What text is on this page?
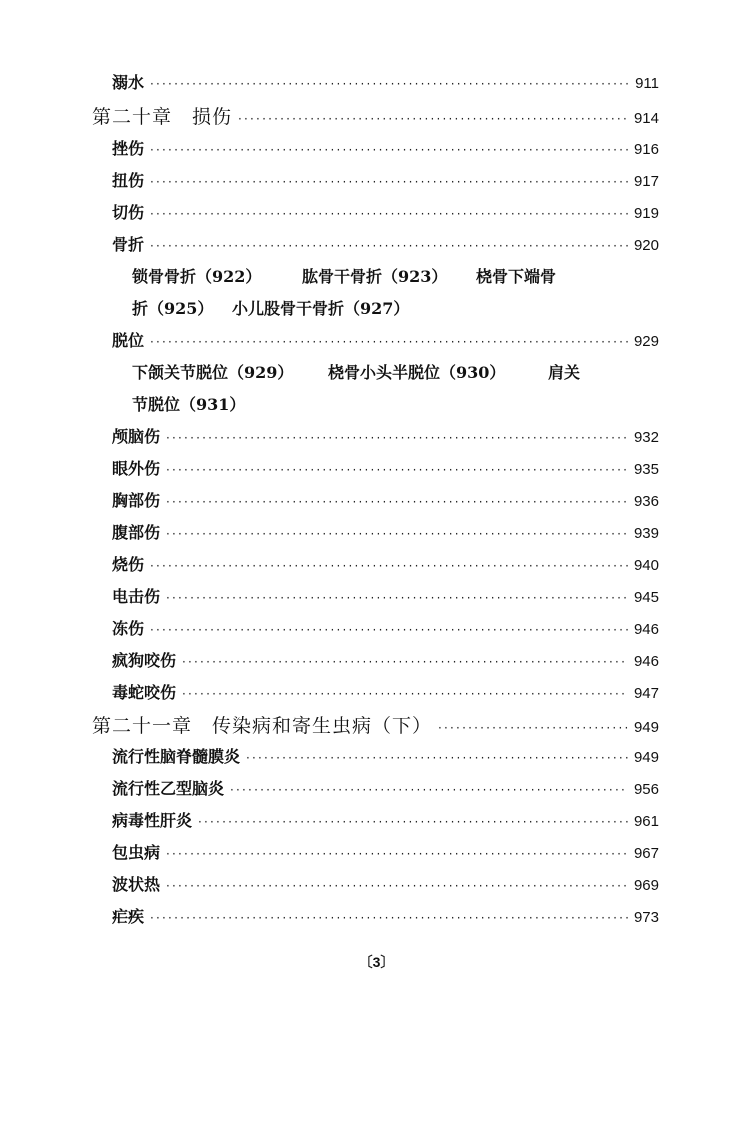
溺水 ·····	911
第二十章　损伤 ·····	914
挫伤 ·····	916
扭伤 ·····	917
切伤 ·····	919
骨折 ·····	920
锁骨骨折（922）	肱骨干骨折（923） 桡骨下端骨
折（925） 小儿股骨干骨折（927）
脱位 ·····	929
下颌关节脱位（929） 桡骨小头半脱位（930）	肩关
节脱位（931）
颅脑伤 ·····	932
眼外伤 ·····	935
胸部伤 ·····	936
腹部伤 ·····	939
烧伤 ·····	940
电击伤 ·····	945
冻伤 ·····	946
疯狗咬伤 ·····	946
毒蛇咬伤 ·····	947
第二十一章　传染病和寄生虫病（下） ·····	949
流行性脑脊髓膜炎 ·····	949
流行性乙型脑炎 ·····	956
病毒性肝炎 ·····	961
包虫病 ·····	967
波状热 ·····	969
疟疾 ·····	973
〔3〕
